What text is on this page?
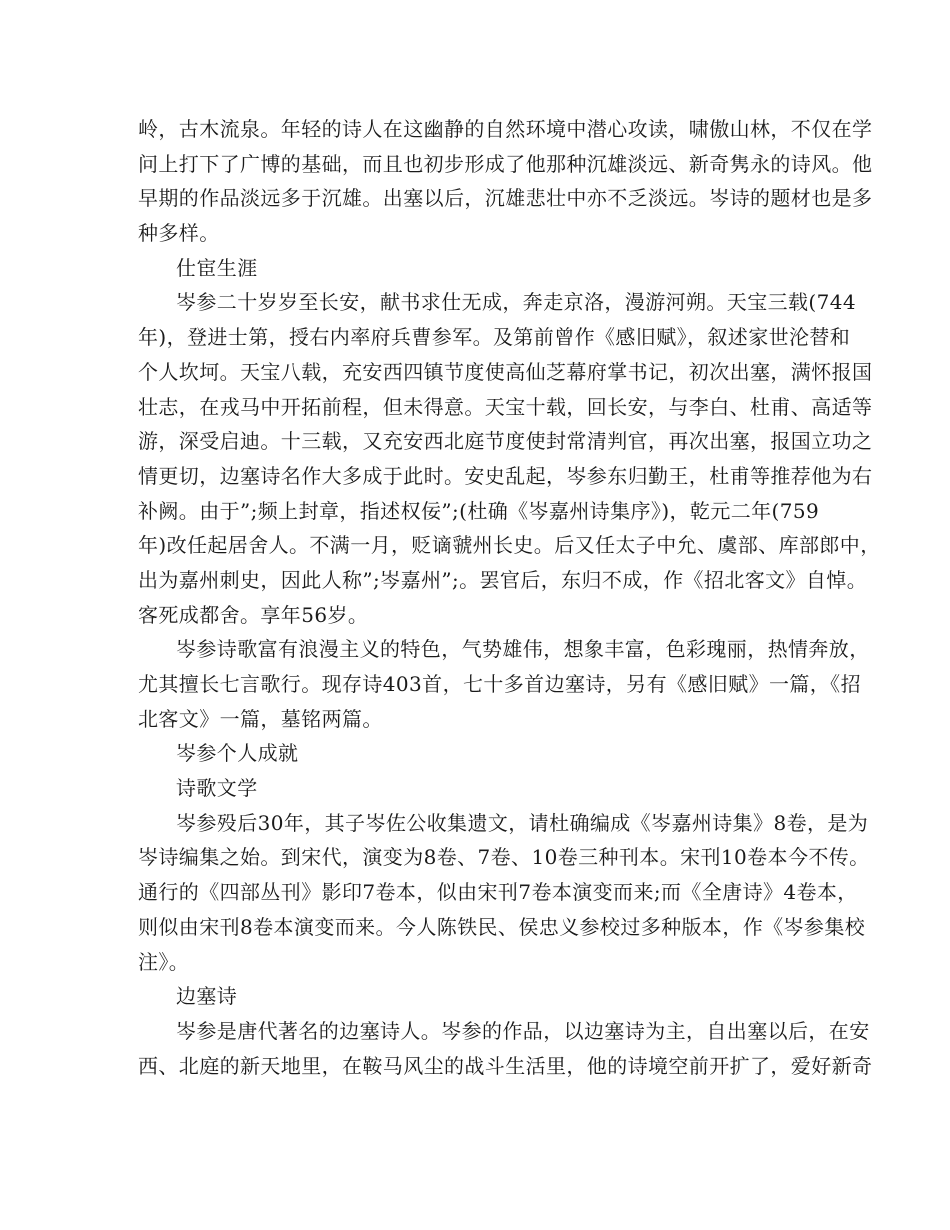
岭，古木流泉。年轻的诗人在这幽静的自然环境中潜心攻读，啸傲山林，不仅在学
问上打下了广博的基础，而且也初步形成了他那种沉雄淡远、新奇隽永的诗风。他
早期的作品淡远多于沉雄。出塞以后，沉雄悲壮中亦不乏淡远。岑诗的题材也是多
种多样。
仕宦生涯
岑参二十岁岁至长安，献书求仕无成，奔走京洛，漫游河朔。天宝三载(744
年)，登进士第，授右内率府兵曹参军。及第前曾作《感旧赋》，叙述家世沦替和
个人坎坷。天宝八载，充安西四镇节度使高仙芝幕府掌书记，初次出塞，满怀报国
壮志，在戎马中开拓前程，但未得意。天宝十载，回长安，与李白、杜甫、高适等
游，深受启迪。十三载，又充安西北庭节度使封常清判官，再次出塞，报国立功之
情更切，边塞诗名作大多成于此时。安史乱起，岑参东归勤王，杜甫等推荐他为右
补阙。由于”;频上封章，指述权佞”;(杜确《岑嘉州诗集序》)，乾元二年(759
年)改任起居舍人。不满一月，贬谪虢州长史。后又任太子中允、虞部、库部郎中，
出为嘉州刺史，因此人称”;岑嘉州”;。罢官后，东归不成，作《招北客文》自悼。
客死成都舍。享年56岁。
岑参诗歌富有浪漫主义的特色，气势雄伟，想象丰富，色彩瑰丽，热情奔放，
尤其擅长七言歌行。现存诗403首，七十多首边塞诗，另有《感旧赋》一篇，《招
北客文》一篇，墓铭两篇。
岑参个人成就
诗歌文学
岑参殁后30年，其子岑佐公收集遗文，请杜确编成《岑嘉州诗集》8卷，是为
岑诗编集之始。到宋代，演变为8卷、7卷、10卷三种刊本。宋刊10卷本今不传。
通行的《四部丛刊》影印7卷本，似由宋刊7卷本演变而来;而《全唐诗》4卷本，
则似由宋刊8卷本演变而来。今人陈铁民、侯忠义参校过多种版本，作《岑参集校
注》。
边塞诗
岑参是唐代著名的边塞诗人。岑参的作品，以边塞诗为主，自出塞以后，在安
西、北庭的新天地里，在鞍马风尘的战斗生活里，他的诗境空前开扩了，爱好新奇
